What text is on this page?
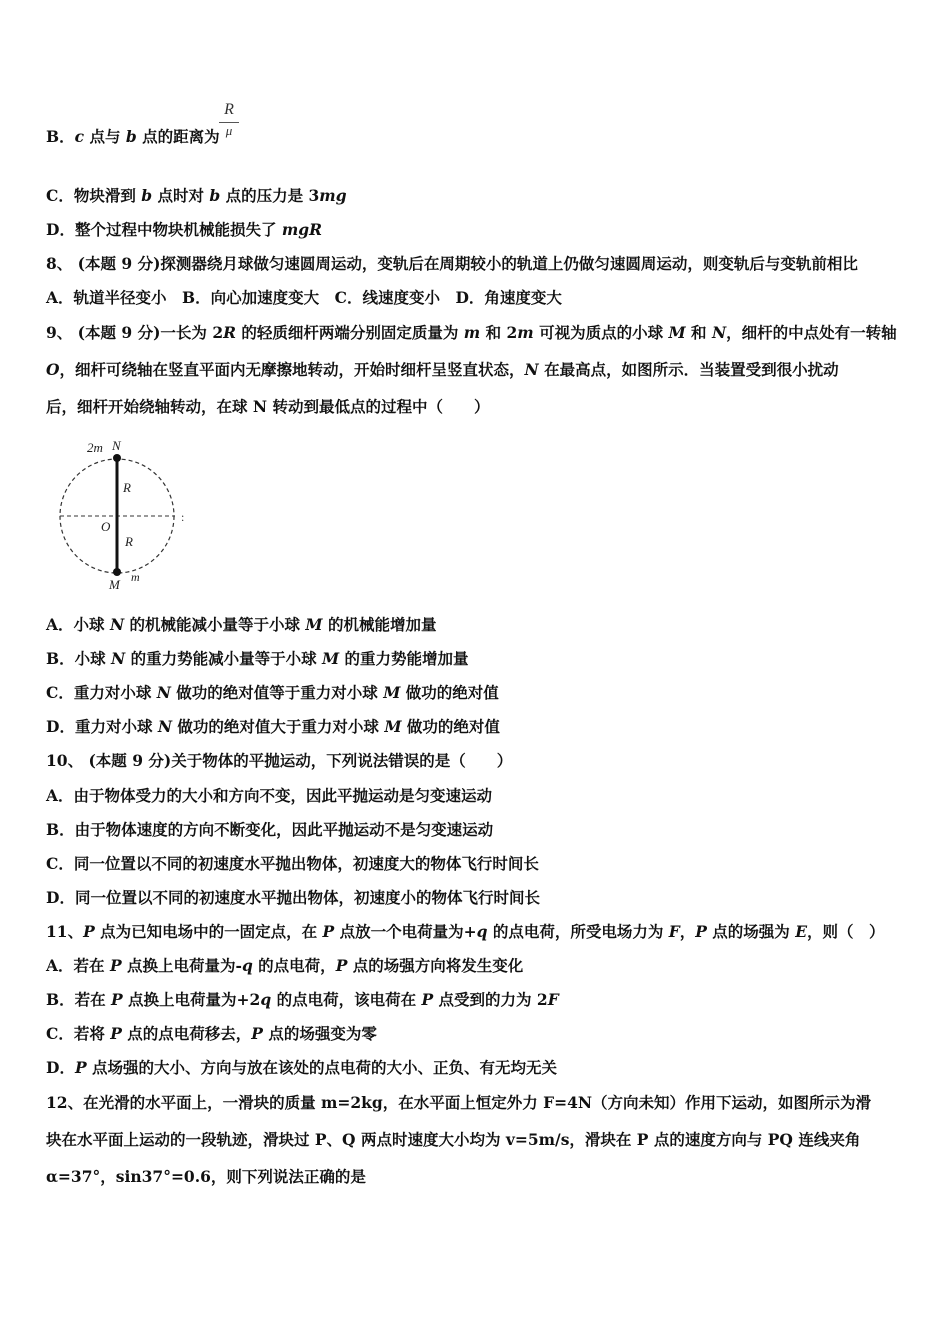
B．c 点与 b 点的距离为
R
μ
C．物块滑到 b 点时对 b 点的压力是 3mg
D．整个过程中物块机械能损失了 mgR
8、 (本题 9 分)探测器绕月球做匀速圆周运动，变轨后在周期较小的轨道上仍做匀速圆周运动，则变轨后与变轨前相比
A．轨道半径变小　B．向心加速度变大　C．线速度变小　D．角速度变大
9、 (本题 9 分)一长为 2R 的轻质细杆两端分别固定质量为 m 和 2m 可视为质点的小球 M 和 N，细杆的中点处有一转轴
O，细杆可绕轴在竖直平面内无摩擦地转动，开始时细杆呈竖直状态，N 在最高点，如图所示．当装置受到很小扰动
后，细杆开始绕轴转动，在球 N 转动到最低点的过程中（　　）
:
2m N
R
O
R
M m
A．小球 N 的机械能减小量等于小球 M 的机械能增加量
B．小球 N 的重力势能减小量等于小球 M 的重力势能增加量
C．重力对小球 N 做功的绝对值等于重力对小球 M 做功的绝对值
D．重力对小球 N 做功的绝对值大于重力对小球 M 做功的绝对值
10、 (本题 9 分)关于物体的平抛运动，下列说法错误的是（　　）
A．由于物体受力的大小和方向不变，因此平抛运动是匀变速运动
B．由于物体速度的方向不断变化，因此平抛运动不是匀变速运动
C．同一位置以不同的初速度水平抛出物体，初速度大的物体飞行时间长
D．同一位置以不同的初速度水平抛出物体，初速度小的物体飞行时间长
11、P 点为已知电场中的一固定点，在 P 点放一个电荷量为+q 的点电荷，所受电场力为 F，P 点的场强为 E，则（　）
A．若在 P 点换上电荷量为-q 的点电荷，P 点的场强方向将发生变化
B．若在 P 点换上电荷量为+2q 的点电荷，该电荷在 P 点受到的力为 2F
C．若将 P 点的点电荷移去，P 点的场强变为零
D．P 点场强的大小、方向与放在该处的点电荷的大小、正负、有无均无关
12、在光滑的水平面上，一滑块的质量 m=2kg，在水平面上恒定外力 F=4N（方向未知）作用下运动，如图所示为滑
块在水平面上运动的一段轨迹，滑块过 P、Q 两点时速度大小均为 v=5m/s，滑块在 P 点的速度方向与 PQ 连线夹角
α=37°，sin37°=0.6，则下列说法正确的是
